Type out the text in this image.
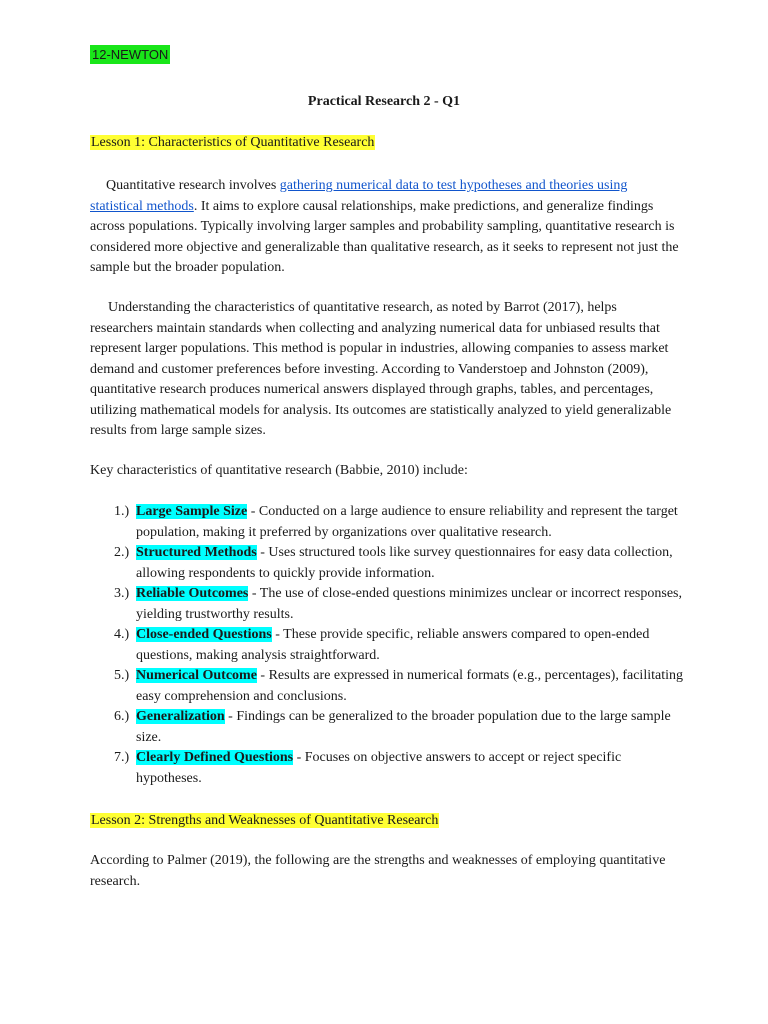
12-NEWTON
Practical Research 2 - Q1
Lesson 1: Characteristics of Quantitative Research

Quantitative research involves gathering numerical data to test hypotheses and theories using statistical methods. It aims to explore causal relationships, make predictions, and generalize findings across populations. Typically involving larger samples and probability sampling, quantitative research is considered more objective and generalizable than qualitative research, as it seeks to represent not just the sample but the broader population.

Understanding the characteristics of quantitative research, as noted by Barrot (2017), helps researchers maintain standards when collecting and analyzing numerical data for unbiased results that represent larger populations. This method is popular in industries, allowing companies to assess market demand and customer preferences before investing. According to Vanderstoep and Johnston (2009), quantitative research produces numerical answers displayed through graphs, tables, and percentages, utilizing mathematical models for analysis. Its outcomes are statistically analyzed to yield generalizable results from large sample sizes.

Key characteristics of quantitative research (Babbie, 2010) include:

1.) Large Sample Size - Conducted on a large audience to ensure reliability and represent the target population, making it preferred by organizations over qualitative research.
2.) Structured Methods - Uses structured tools like survey questionnaires for easy data collection, allowing respondents to quickly provide information.
3.) Reliable Outcomes - The use of close-ended questions minimizes unclear or incorrect responses, yielding trustworthy results.
4.) Close-ended Questions - These provide specific, reliable answers compared to open-ended questions, making analysis straightforward.
5.) Numerical Outcome - Results are expressed in numerical formats (e.g., percentages), facilitating easy comprehension and conclusions.
6.) Generalization - Findings can be generalized to the broader population due to the large sample size.
7.) Clearly Defined Questions - Focuses on objective answers to accept or reject specific hypotheses.
Lesson 2: Strengths and Weaknesses of Quantitative Research

According to Palmer (2019), the following are the strengths and weaknesses of employing quantitative research.
